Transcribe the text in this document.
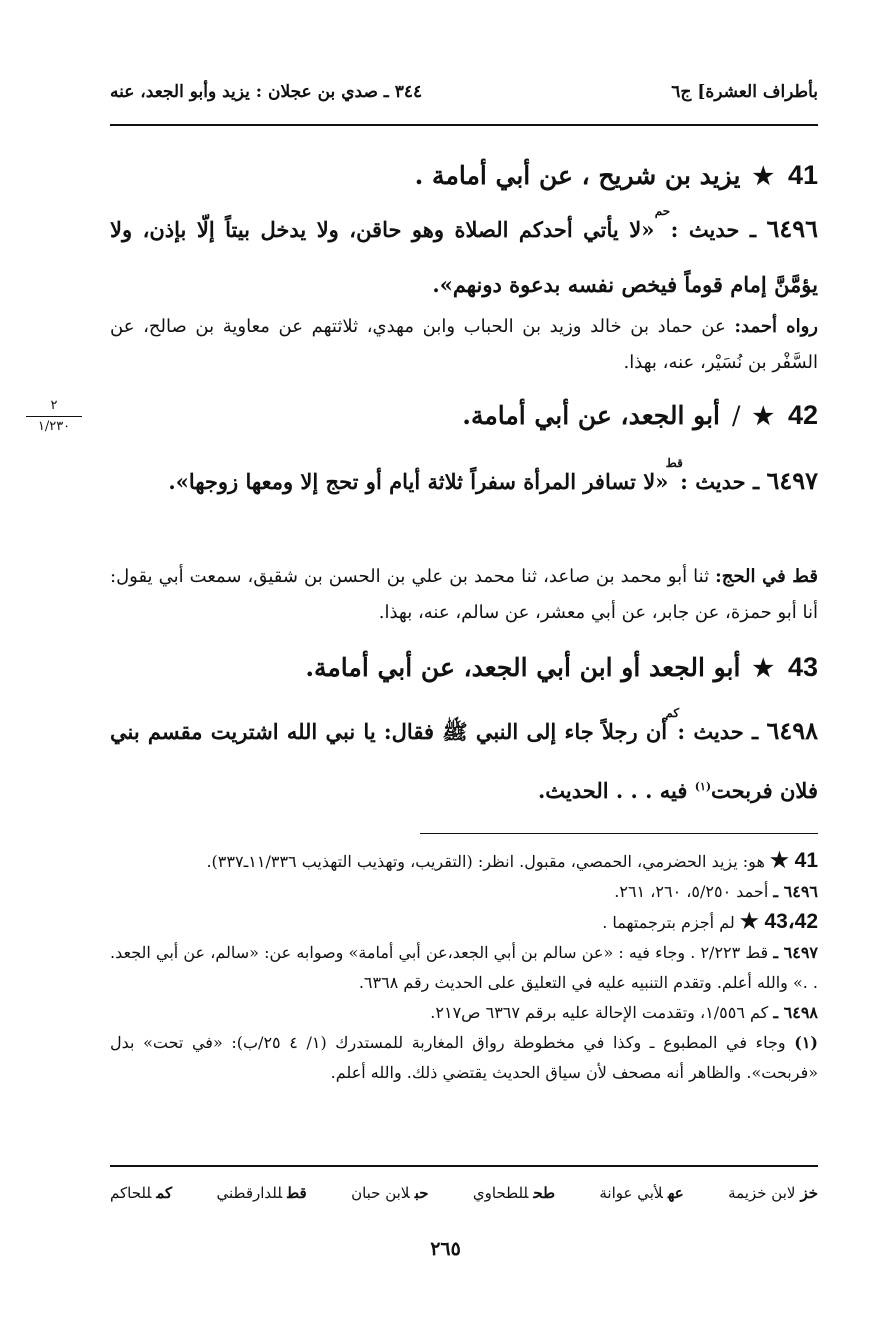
بأطراف العشرة] ج٦
٣٤٤ ـ صدي بن عجلان : يزيد وأبو الجعد، عنه
٢
١/٢٣٠
41★يزيد بن شريح ، عن أبي أمامة .
٦٤٩٦ ـ حديث : حم «لا يأتي أحدكم الصلاة وهو حاقن، ولا يدخل بيتاً إلّا بإذن، ولا يؤمَّنَّ إمام قوماً فيخص نفسه بدعوة دونهم».
رواه أحمد: عن حماد بن خالد وزيد بن الحباب وابن مهدي، ثلاثتهم عن معاوية بن صالح، عن السَّفْر بن نُسَيْر، عنه، بهذا.
42★/أبو الجعد، عن أبي أمامة.
٦٤٩٧ ـ حديث : قط «لا تسافر المرأة سفراً ثلاثة أيام أو تحج إلا ومعها زوجها».
قط في الحج: ثنا أبو محمد بن صاعد، ثنا محمد بن علي بن الحسن بن شقيق، سمعت أبي يقول: أنا أبو حمزة، عن جابر، عن أبي معشر، عن سالم، عنه، بهذا.
43★أبو الجعد أو ابن أبي الجعد، عن أبي أمامة.
٦٤٩٨ ـ حديث : كم أن رجلاً جاء إلى النبي ﷺ فقال: يا نبي الله اشتريت مقسم بني فلان فربحت$^{(١)}$ فيه . . . الحديث.
41 ★ هو: يزيد الحضرمي، الحمصي، مقبول. انظر: (التقريب، وتهذيب التهذيب ١١/٣٣٦ـ٣٣٧).
٦٤٩٦ ـ أحمد ٥/٢٥٠، ٢٦٠، ٢٦١.
43،42 ★ لم أجزم بترجمتهما .
٦٤٩٧ ـ قط ٢/٢٢٣ . وجاء فيه : «عن سالم بن أبي الجعد،عن أبي أمامة» وصوابه عن: «سالم، عن أبي الجعد. . .» والله أعلم. وتقدم التنبيه عليه في التعليق على الحديث رقم ٦٣٦٨.
٦٤٩٨ ـ كم ١/٥٥٦، وتقدمت الإحالة عليه برقم ٦٣٦٧ ص٢١٧.
(١) وجاء في المطبوع ـ وكذا في مخطوطة رواق المغاربة للمستدرك (١/ ٤ ٢٥/ب): «في تحت» بدل «فربحت». والظاهر أنه مصحف لأن سياق الحديث يقتضي ذلك. والله أعلم.
خزلابن خزيمة
عهلأبي عوانة
طحللطحاوي
حبلابن حبان
قطللدارقطني
كمللحاكم
٢٦٥
